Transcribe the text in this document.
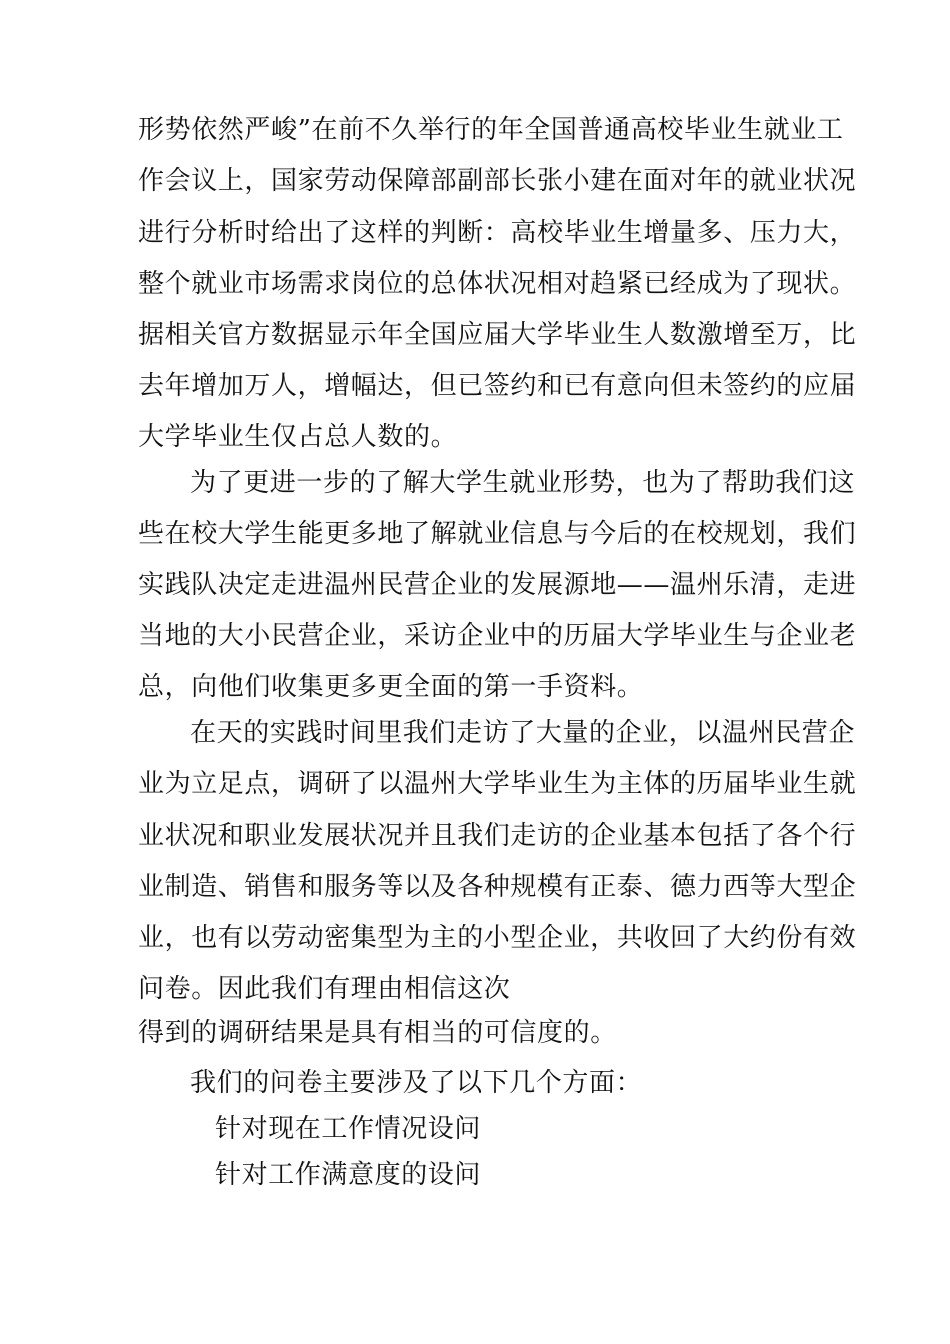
形势依然严峻”在前不久举行的年全国普通高校毕业生就业工
作会议上，国家劳动保障部副部长张小建在面对年的就业状况
进行分析时给出了这样的判断：高校毕业生增量多、压力大，
整个就业市场需求岗位的总体状况相对趋紧已经成为了现状。
据相关官方数据显示年全国应届大学毕业生人数激增至万，比
去年增加万人，增幅达，但已签约和已有意向但未签约的应届
大学毕业生仅占总人数的。
为了更进一步的了解大学生就业形势，也为了帮助我们这
些在校大学生能更多地了解就业信息与今后的在校规划，我们
实践队决定走进温州民营企业的发展源地——温州乐清，走进
当地的大小民营企业，采访企业中的历届大学毕业生与企业老
总，向他们收集更多更全面的第一手资料。
在天的实践时间里我们走访了大量的企业，以温州民营企
业为立足点，调研了以温州大学毕业生为主体的历届毕业生就
业状况和职业发展状况并且我们走访的企业基本包括了各个行
业制造、销售和服务等以及各种规模有正泰、德力西等大型企
业，也有以劳动密集型为主的小型企业，共收回了大约份有效
问卷。因此我们有理由相信这次
得到的调研结果是具有相当的可信度的。
我们的问卷主要涉及了以下几个方面：
针对现在工作情况设问
针对工作满意度的设问
